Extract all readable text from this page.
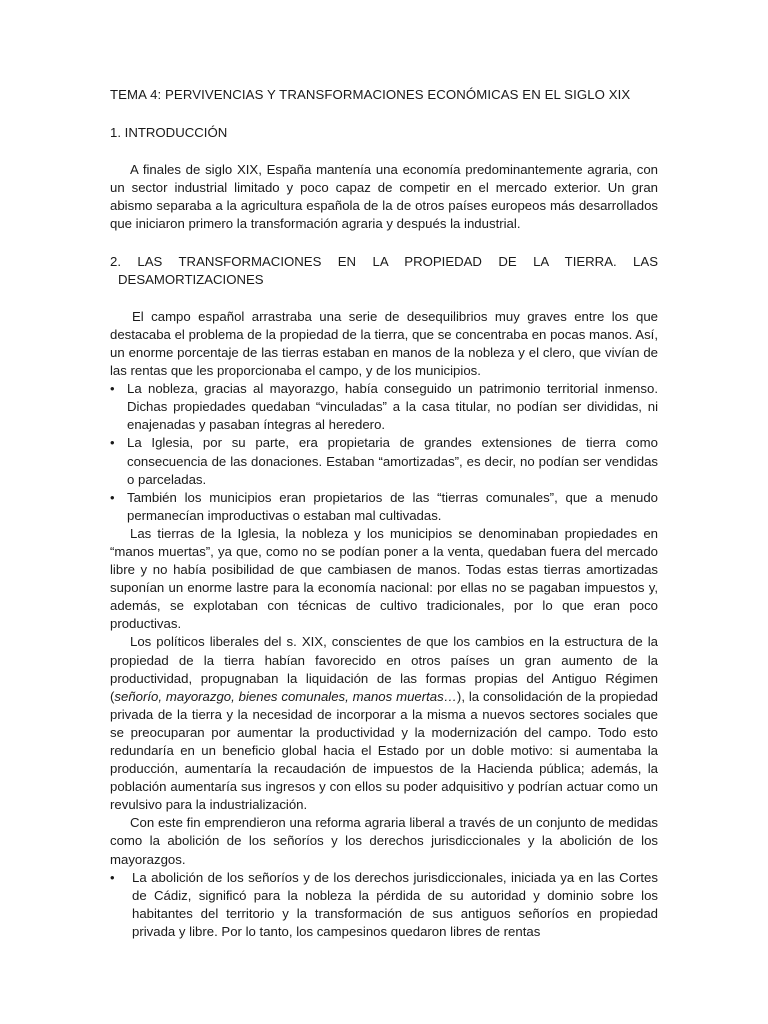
TEMA 4: PERVIVENCIAS Y TRANSFORMACIONES ECONÓMICAS EN EL SIGLO XIX
1. INTRODUCCIÓN

A finales de siglo XIX, España mantenía una economía predominantemente agraria, con un sector industrial limitado y poco capaz de competir en el mercado exterior. Un gran abismo separaba a la agricultura española de la de otros países europeos más desarrollados que iniciaron primero la transformación agraria y después la industrial.

2. LAS TRANSFORMACIONES EN LA PROPIEDAD DE LA TIERRA. LAS
DESAMORTIZACIONES

El campo español arrastraba una serie de desequilibrios muy graves entre los que destacaba el problema de la propiedad de la tierra, que se concentraba en pocas manos. Así, un enorme porcentaje de las tierras estaban en manos de la nobleza y el clero, que vivían de las rentas que les proporcionaba el campo, y de los municipios.

• La nobleza, gracias al mayorazgo, había conseguido un patrimonio territorial inmenso. Dichas propiedades quedaban “vinculadas” a la casa titular, no podían ser divididas, ni enajenadas y pasaban íntegras al heredero.
• La Iglesia, por su parte, era propietaria de grandes extensiones de tierra como consecuencia de las donaciones. Estaban “amortizadas”, es decir, no podían ser vendidas o parceladas.
• También los municipios eran propietarios de las “tierras comunales”, que a menudo permanecían improductivas o estaban mal cultivadas.

Las tierras de la Iglesia, la nobleza y los municipios se denominaban propiedades en “manos muertas”, ya que, como no se podían poner a la venta, quedaban fuera del mercado libre y no había posibilidad de que cambiasen de manos. Todas estas tierras amortizadas suponían un enorme lastre para la economía nacional: por ellas no se pagaban impuestos y, además, se explotaban con técnicas de cultivo tradicionales, por lo que eran poco productivas.

Los políticos liberales del s. XIX, conscientes de que los cambios en la estructura de la propiedad de la tierra habían favorecido en otros países un gran aumento de la productividad, propugnaban la liquidación de las formas propias del Antiguo Régimen (señorío, mayorazgo, bienes comunales, manos muertas…), la consolidación de la propiedad privada de la tierra y la necesidad de incorporar a la misma a nuevos sectores sociales que se preocuparan por aumentar la productividad y la modernización del campo. Todo esto redundaría en un beneficio global hacia el Estado por un doble motivo: si aumentaba la producción, aumentaría la recaudación de impuestos de la Hacienda pública; además, la población aumentaría sus ingresos y con ellos su poder adquisitivo y podrían actuar como un revulsivo para la industrialización.

Con este fin emprendieron una reforma agraria liberal a través de un conjunto de medidas como la abolición de los señoríos y los derechos jurisdiccionales y la abolición de los mayorazgos.

• La abolición de los señoríos y de los derechos jurisdiccionales, iniciada ya en las Cortes de Cádiz, significó para la nobleza la pérdida de su autoridad y dominio sobre los habitantes del territorio y la transformación de sus antiguos señoríos en propiedad privada y libre. Por lo tanto, los campesinos quedaron libres de rentas
